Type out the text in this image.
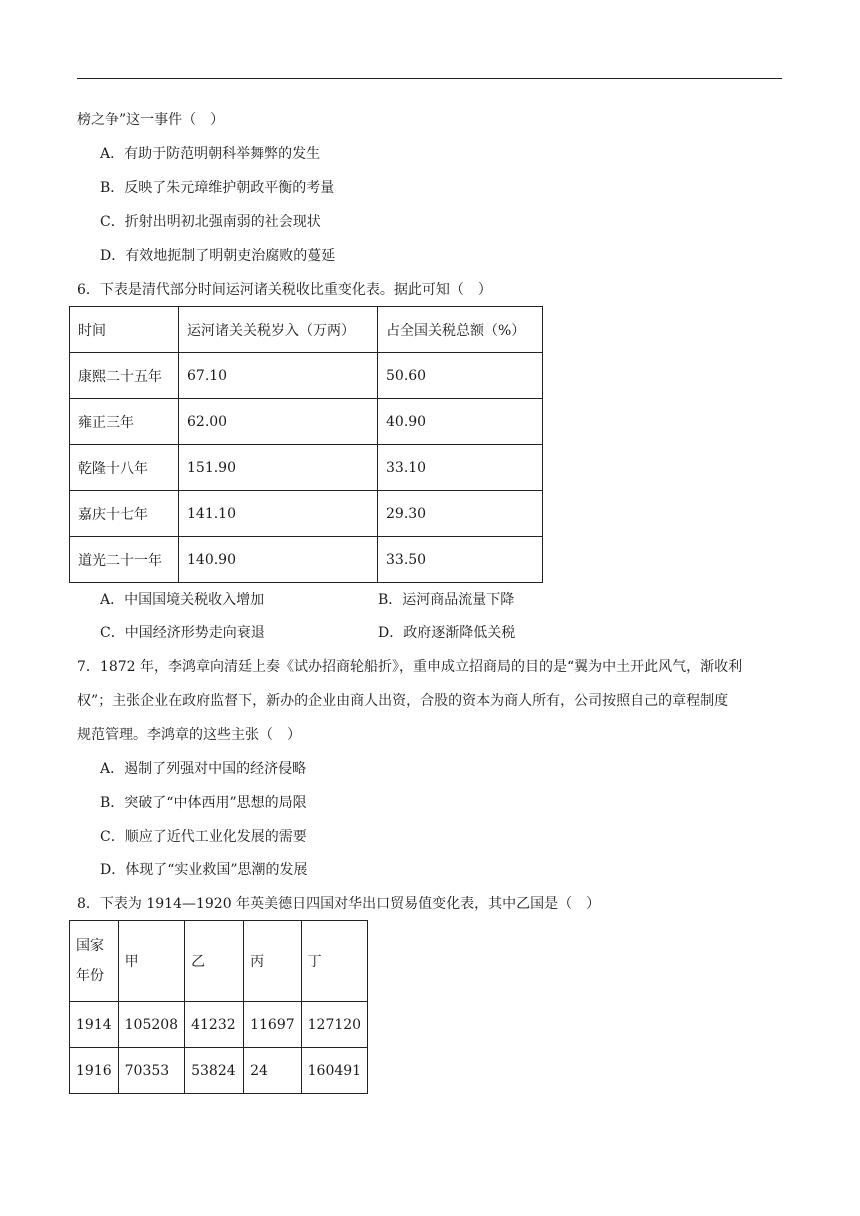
榜之争”这一事件（　）
A．有助于防范明朝科举舞弊的发生
B．反映了朱元璋维护朝政平衡的考量
C．折射出明初北强南弱的社会现状
D．有效地扼制了明朝吏治腐败的蔓延
6．下表是清代部分时间运河诸关税收比重变化表。据此可知（　）
时间	运河诸关关税岁入（万两）	占全国关税总额（%）
康熙二十五年	67.10	50.60
雍正三年	62.00	40.90
乾隆十八年	151.90	33.10
嘉庆十七年	141.10	29.30
道光二十一年	140.90	33.50
A．中国国境关税收入增加	B．运河商品流量下降
C．中国经济形势走向衰退	D．政府逐渐降低关税
7．1872 年，李鸿章向清廷上奏《试办招商轮船折》，重申成立招商局的目的是“翼为中土开此风气，渐收利
权”；主张企业在政府监督下，新办的企业由商人出资，合股的资本为商人所有，公司按照自己的章程制度
规范管理。李鸿章的这些主张（　）
A．遏制了列强对中国的经济侵略
B．突破了“中体西用”思想的局限
C．顺应了近代工业化发展的需要
D．体现了“实业救国”思潮的发展
8．下表为 1914—1920 年英美德日四国对华出口贸易值变化表，其中乙国是（　）
国家
年份	甲	乙	丙	丁
1914	105208	41232	11697	127120
1916	70353	53824	24	160491
